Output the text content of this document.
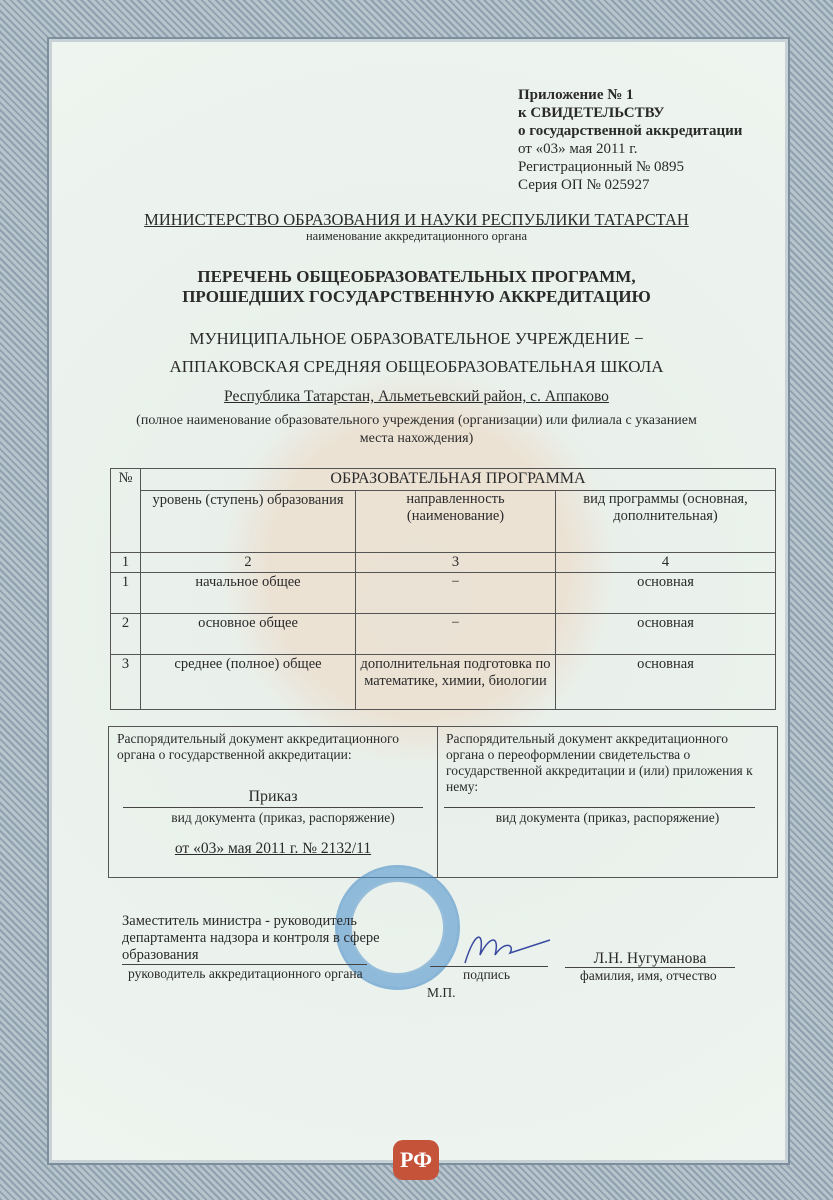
Приложение № 1
к СВИДЕТЕЛЬСТВУ
о государственной аккредитации
от «03» мая 2011 г.
Регистрационный № 0895
Серия ОП № 025927
МИНИСТЕРСТВО ОБРАЗОВАНИЯ И НАУКИ РЕСПУБЛИКИ ТАТАРСТАН
наименование аккредитационного органа
ПЕРЕЧЕНЬ ОБЩЕОБРАЗОВАТЕЛЬНЫХ ПРОГРАММ,
ПРОШЕДШИХ ГОСУДАРСТВЕННУЮ АККРЕДИТАЦИЮ
МУНИЦИПАЛЬНОЕ ОБРАЗОВАТЕЛЬНОЕ УЧРЕЖДЕНИЕ −
АППАКОВСКАЯ СРЕДНЯЯ ОБЩЕОБРАЗОВАТЕЛЬНАЯ ШКОЛА
Республика Татарстан, Альметьевский район, с. Аппаково
(полное наименование образовательного учреждения (организации) или филиала с указанием
места нахождения)
№	ОБРАЗОВАТЕЛЬНАЯ ПРОГРАММА		
	уровень (ступень) образования	направленность (наименование)	вид программы (основная, дополнительная)
1	2	3	4
1	начальное общее	−	основная
2	основное общее	−	основная
3	среднее (полное) общее	дополнительная подготовка по математике, химии, биологии	основная
Распорядительный документ аккредитационного органа о государственной аккредитации:
Приказ
вид документа (приказ, распоряжение)
от «03» мая 2011 г. № 2132/11
Распорядительный документ аккредитационного органа о переоформлении свидетельства о государственной аккредитации и (или) приложения к нему:
вид документа (приказ, распоряжение)
Заместитель министра - руководитель
департамента надзора и контроля в сфере
образования
руководитель аккредитационного органа	подпись
М.П.
Л.Н. Нугуманова
фамилия, имя, отчество
РФ
